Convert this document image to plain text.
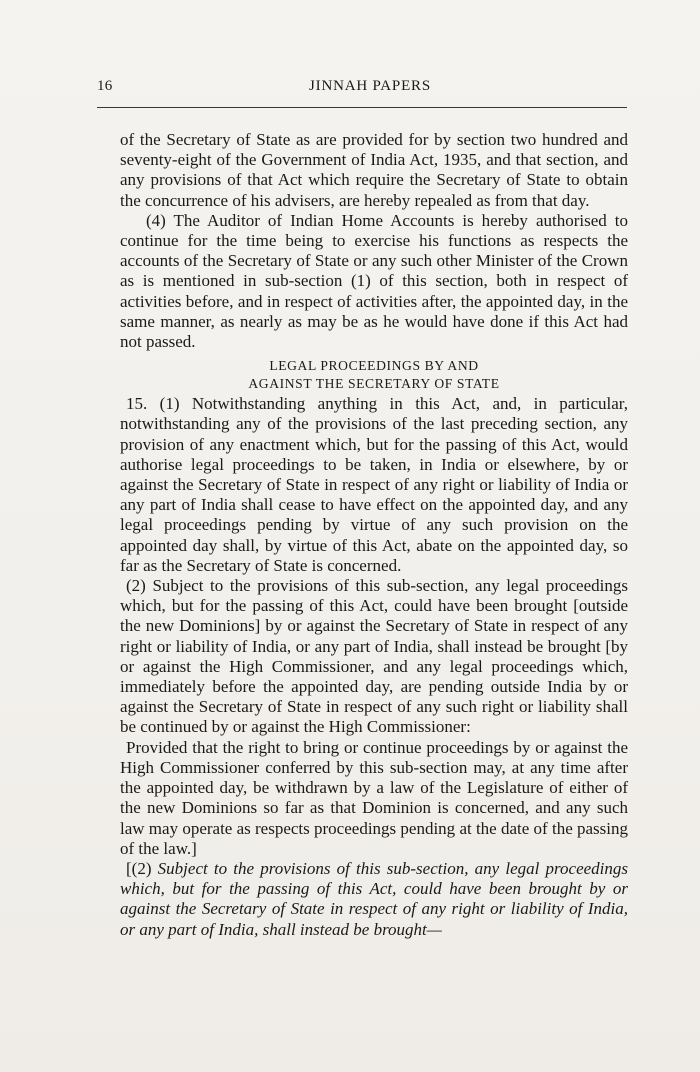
16	JINNAH PAPERS

of the Secretary of State as are provided for by section two hundred and seventy-eight of the Government of India Act, 1935, and that section, and any provisions of that Act which require the Secretary of State to obtain the concurrence of his advisers, are hereby repealed as from that day.

(4) The Auditor of Indian Home Accounts is hereby authorised to continue for the time being to exercise his functions as respects the accounts of the Secretary of State or any such other Minister of the Crown as is mentioned in sub-section (1) of this section, both in respect of activities before, and in respect of activities after, the appointed day, in the same manner, as nearly as may be as he would have done if this Act had not passed.

LEGAL PROCEEDINGS BY AND

AGAINST THE SECRETARY OF STATE

15. (1) Notwithstanding anything in this Act, and, in particular, notwithstanding any of the provisions of the last preceding section, any provision of any enactment which, but for the passing of this Act, would authorise legal proceedings to be taken, in India or elsewhere, by or against the Secretary of State in respect of any right or liability of India or any part of India shall cease to have effect on the appointed day, and any legal proceedings pending by virtue of any such provision on the appointed day shall, by virtue of this Act, abate on the appointed day, so far as the Secretary of State is concerned.

(2) Subject to the provisions of this sub-section, any legal proceedings which, but for the passing of this Act, could have been brought [outside the new Dominions] by or against the Secretary of State in respect of any right or liability of India, or any part of India, shall instead be brought [by or against the High Commissioner, and any legal proceedings which, immediately before the appointed day, are pending outside India by or against the Secretary of State in respect of any such right or liability shall be continued by or against the High Commissioner:

Provided that the right to bring or continue proceedings by or against the High Commissioner conferred by this sub-section may, at any time after the appointed day, be withdrawn by a law of the Legislature of either of the new Dominions so far as that Dominion is concerned, and any such law may operate as respects proceedings pending at the date of the passing of the law.]

[(2) Subject to the provisions of this sub-section, any legal proceedings which, but for the passing of this Act, could have been brought by or against the Secretary of State in respect of any right or liability of India, or any part of India, shall instead be brought—
